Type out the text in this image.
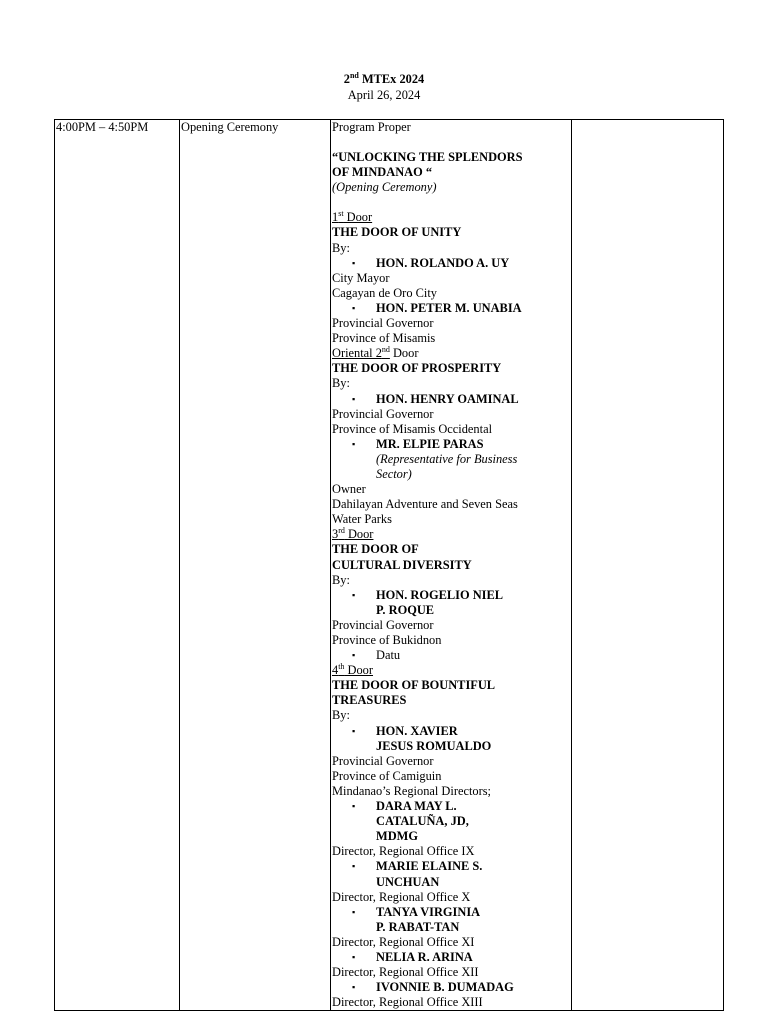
2nd MTEx 2024
April 26, 2024
4:00PM – 4:50PM	Opening Ceremony	Program Proper
“UNLOCKING THE SPLENDORS
OF MINDANAO “
(Opening Ceremony)
1st Door
THE DOOR OF UNITY
By:
▪ HON. ROLANDO A. UY
City Mayor
Cagayan de Oro City
▪ HON. PETER M. UNABIA
Provincial Governor
Province of Misamis
Oriental 2nd Door
THE DOOR OF PROSPERITY
By:
▪ HON. HENRY OAMINAL
Provincial Governor
Province of Misamis Occidental
▪ MR. ELPIE PARAS
(Representative for Business
Sector)
Owner
Dahilayan Adventure and Seven Seas
Water Parks
3rd Door
THE DOOR OF
CULTURAL DIVERSITY
By:
▪ HON. ROGELIO NIEL
P. ROQUE
Provincial Governor
Province of Bukidnon
▪ Datu
4th Door
THE DOOR OF BOUNTIFUL
TREASURES
By:
▪ HON. XAVIER
JESUS ROMUALDO
Provincial Governor
Province of Camiguin
Mindanao’s Regional Directors;
▪ DARA MAY L.
CATALUÑA, JD,
MDMG
Director, Regional Office IX
▪ MARIE ELAINE S.
UNCHUAN
Director, Regional Office X
▪ TANYA VIRGINIA
P. RABAT-TAN
Director, Regional Office XI
▪ NELIA R. ARINA
Director, Regional Office XII
▪ IVONNIE B. DUMADAG
Director, Regional Office XIII
